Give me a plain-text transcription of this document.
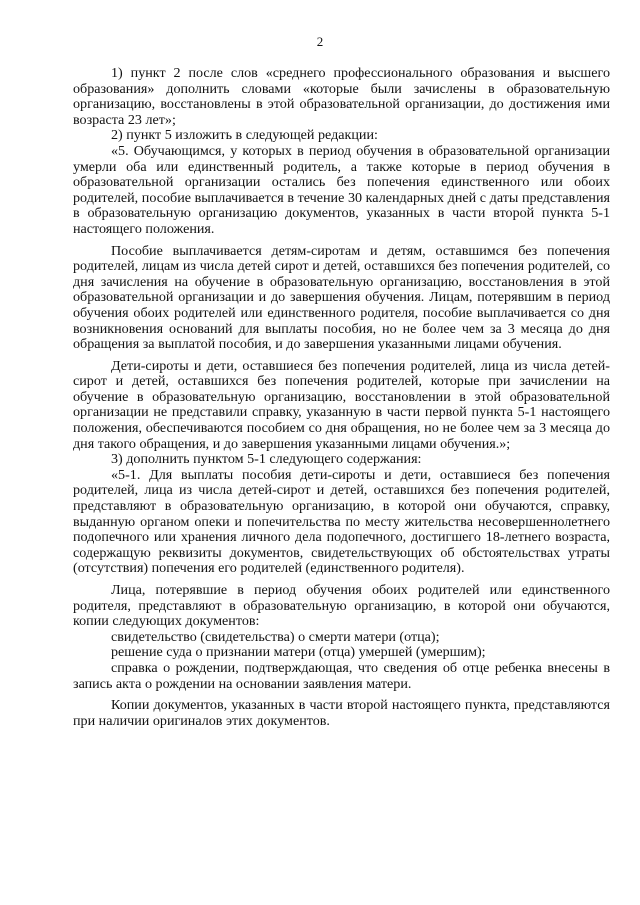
2

1) пункт 2 после слов «среднего профессионального образования и высшего образования» дополнить словами «которые были зачислены в образовательную организацию, восстановлены в этой образовательной организации, до достижения ими возраста 23 лет»;

2) пункт 5 изложить в следующей редакции:

«5. Обучающимся, у которых в период обучения в образовательной организации умерли оба или единственный родитель, а также которые в период обучения в образовательной организации остались без попечения единственного или обоих родителей, пособие выплачивается в течение 30 календарных дней с даты представления в образовательную организацию документов, указанных в части второй пункта 5-1 настоящего положения.

Пособие выплачивается детям-сиротам и детям, оставшимся без попечения родителей, лицам из числа детей сирот и детей, оставшихся без попечения родителей, со дня зачисления на обучение в образовательную организацию, восстановления в этой образовательной организации и до завершения обучения. Лицам, потерявшим в период обучения обоих родителей или единственного родителя, пособие выплачивается со дня возникновения оснований для выплаты пособия, но не более чем за 3 месяца до дня обращения за выплатой пособия, и до завершения указанными лицами обучения.

Дети-сироты и дети, оставшиеся без попечения родителей, лица из числа детей-сирот и детей, оставшихся без попечения родителей, которые при зачислении на обучение в образовательную организацию, восстановлении в этой образовательной организации не представили справку, указанную в части первой пункта 5-1 настоящего положения, обеспечиваются пособием со дня обращения, но не более чем за 3 месяца до дня такого обращения, и до завершения указанными лицами обучения.»;

3) дополнить пунктом 5-1 следующего содержания:

«5-1. Для выплаты пособия дети-сироты и дети, оставшиеся без попечения родителей, лица из числа детей-сирот и детей, оставшихся без попечения родителей, представляют в образовательную организацию, в которой они обучаются, справку, выданную органом опеки и попечительства по месту жительства несовершеннолетнего подопечного или хранения личного дела подопечного, достигшего 18-летнего возраста, содержащую реквизиты документов, свидетельствующих об обстоятельствах утраты (отсутствия) попечения его родителей (единственного родителя).

Лица, потерявшие в период обучения обоих родителей или единственного родителя, представляют в образовательную организацию, в которой они обучаются, копии следующих документов:

свидетельство (свидетельства) о смерти матери (отца);

решение суда о признании матери (отца) умершей (умершим);

справка о рождении, подтверждающая, что сведения об отце ребенка внесены в запись акта о рождении на основании заявления матери.

Копии документов, указанных в части второй настоящего пункта, представляются при наличии оригиналов этих документов.
